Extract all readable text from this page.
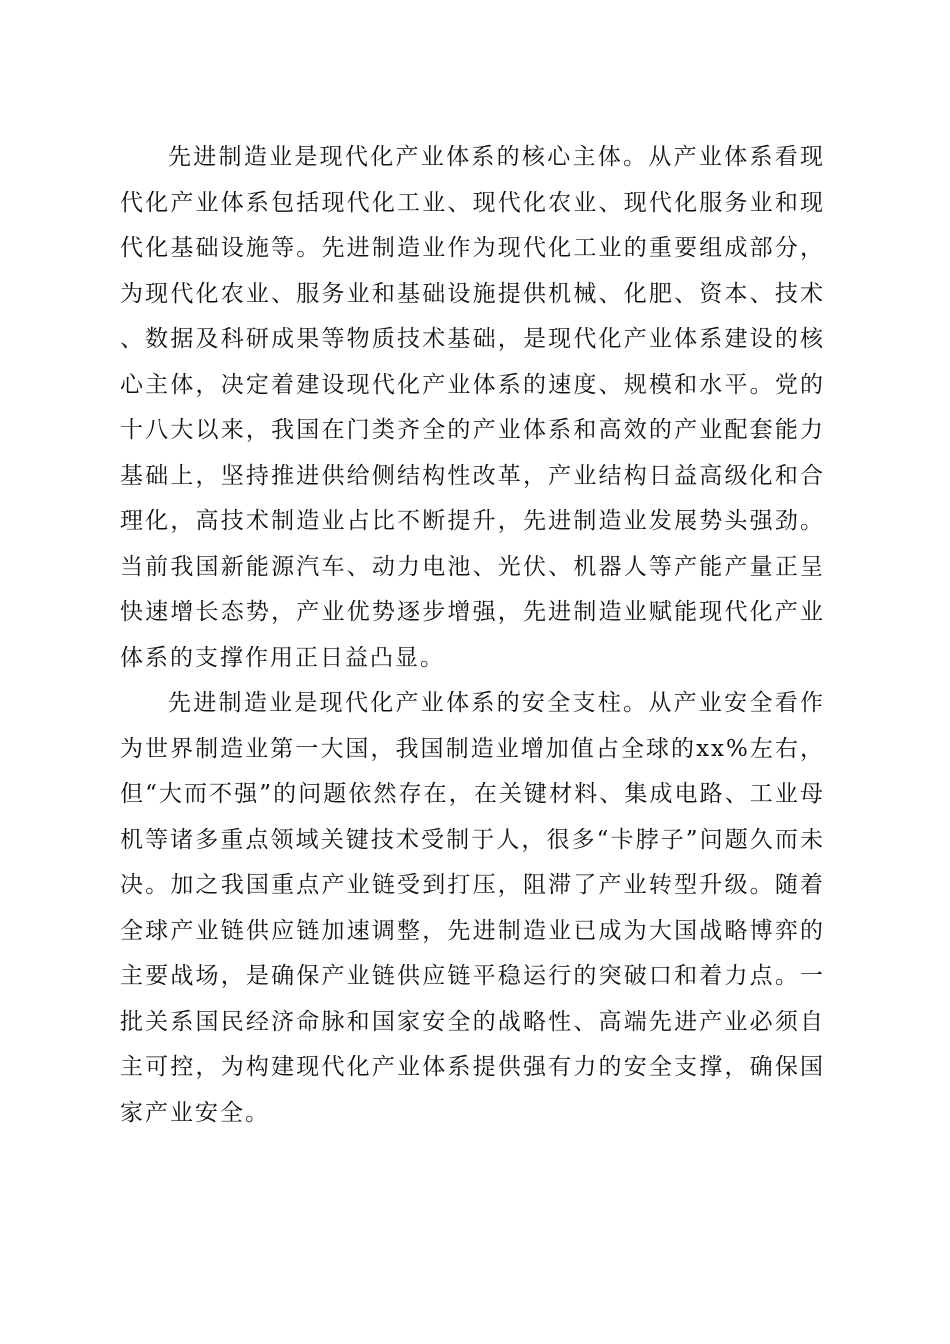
先进制造业是现代化产业体系的核心主体。从产业体系看现代化产业体系包括现代化工业、现代化农业、现代化服务业和现代化基础设施等。先进制造业作为现代化工业的重要组成部分，为现代化农业、服务业和基础设施提供机械、化肥、资本、技术、数据及科研成果等物质技术基础，是现代化产业体系建设的核心主体，决定着建设现代化产业体系的速度、规模和水平。党的十八大以来，我国在门类齐全的产业体系和高效的产业配套能力基础上，坚持推进供给侧结构性改革，产业结构日益高级化和合理化，高技术制造业占比不断提升，先进制造业发展势头强劲。当前我国新能源汽车、动力电池、光伏、机器人等产能产量正呈快速增长态势，产业优势逐步增强，先进制造业赋能现代化产业体系的支撑作用正日益凸显。

先进制造业是现代化产业体系的安全支柱。从产业安全看作为世界制造业第一大国，我国制造业增加值占全球的xx%左右，但“大而不强”的问题依然存在，在关键材料、集成电路、工业母机等诸多重点领域关键技术受制于人，很多“卡脖子”问题久而未决。加之我国重点产业链受到打压，阻滞了产业转型升级。随着全球产业链供应链加速调整，先进制造业已成为大国战略博弈的主要战场，是确保产业链供应链平稳运行的突破口和着力点。一批关系国民经济命脉和国家安全的战略性、高端先进产业必须自主可控，为构建现代化产业体系提供强有力的安全支撑，确保国家产业安全。
